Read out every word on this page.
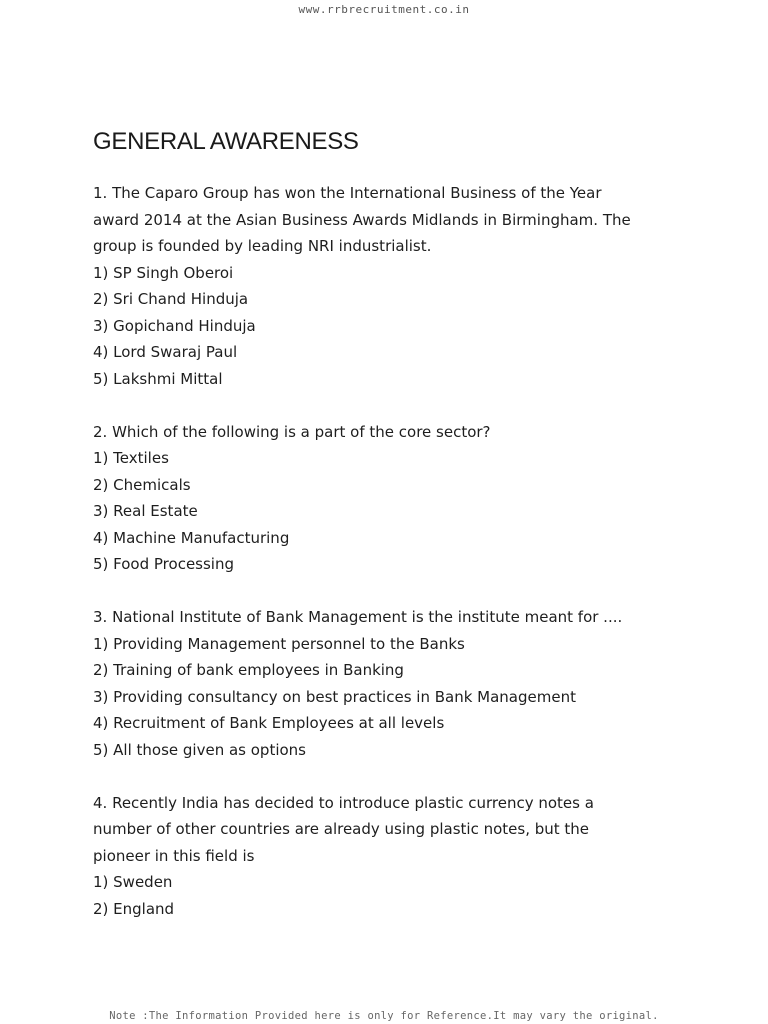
www.rrbrecruitment.co.in
GENERAL AWARENESS

1. The Caparo Group has won the International Business of the Year
award 2014 at the Asian Business Awards Midlands in Birmingham. The
group is founded by leading NRI industrialist.

1) SP Singh Oberoi
2) Sri Chand Hinduja
3) Gopichand Hinduja
4) Lord Swaraj Paul
5) Lakshmi Mittal

2. Which of the following is a part of the core sector?

1) Textiles
2) Chemicals
3) Real Estate
4) Machine Manufacturing
5) Food Processing

3. National Institute of Bank Management is the institute meant for ....

1) Providing Management personnel to the Banks
2) Training of bank employees in Banking
3) Providing consultancy on best practices in Bank Management
4) Recruitment of Bank Employees at all levels
5) All those given as options

4. Recently India has decided to introduce plastic currency notes a
number of other countries are already using plastic notes, but the
pioneer in this field is

1) Sweden
2) England
Note :The Information Provided here is only for Reference.It may vary the original.
